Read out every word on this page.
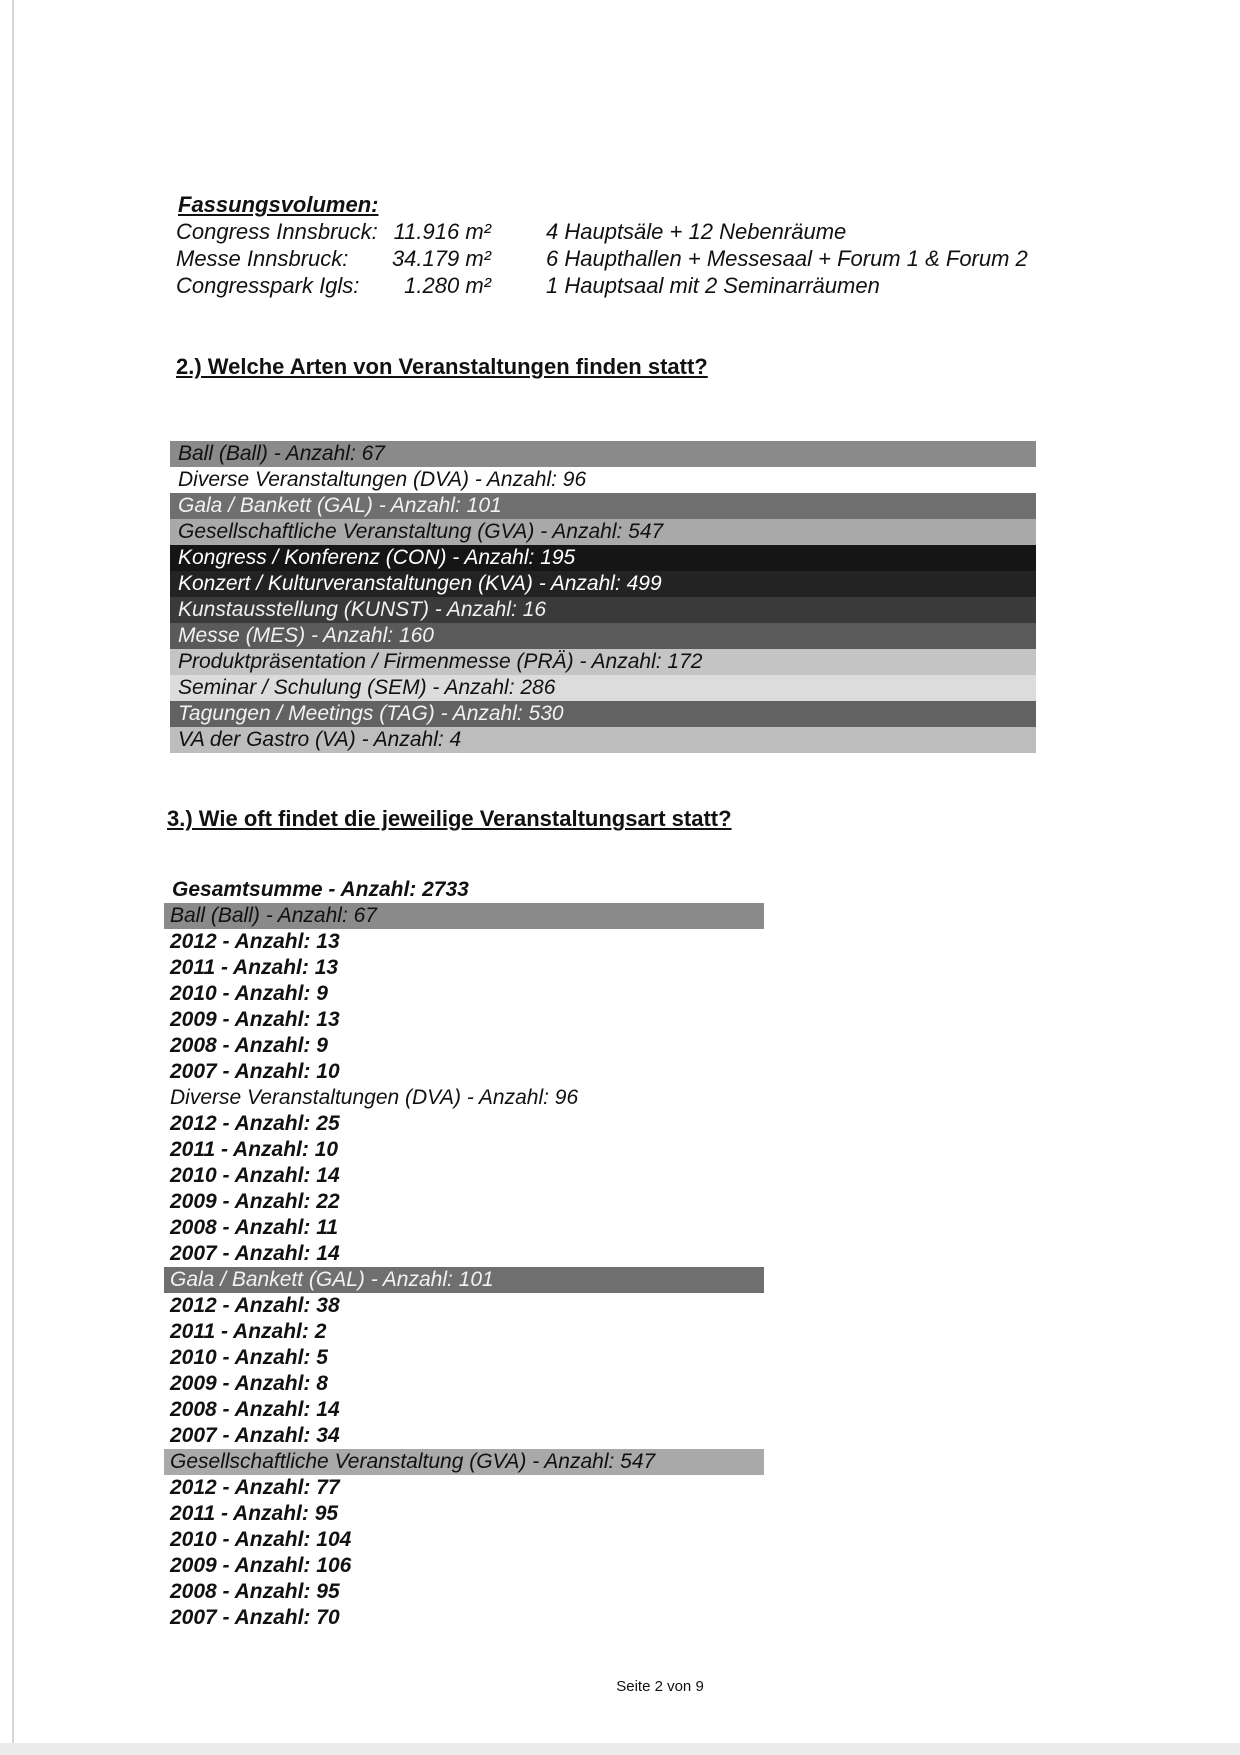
Fassungsvolumen:
Congress Innsbruck: 11.916 m²	4 Hauptsäle + 12 Nebenräume
Messe Innsbruck:	34.179 m²	6 Haupthallen + Messesaal + Forum 1 & Forum 2
Congresspark Igls:	1.280 m²	1 Hauptsaal mit 2 Seminarräumen
2.) Welche Arten von Veranstaltungen finden statt?
Ball (Ball) - Anzahl: 67
Diverse Veranstaltungen (DVA) - Anzahl: 96
Gala / Bankett (GAL) - Anzahl: 101
Gesellschaftliche Veranstaltung (GVA) - Anzahl: 547
Kongress / Konferenz (CON) - Anzahl: 195
Konzert / Kulturveranstaltungen (KVA) - Anzahl: 499
Kunstausstellung (KUNST) - Anzahl: 16
Messe (MES) - Anzahl: 160
Produktpräsentation / Firmenmesse (PRÄ) - Anzahl: 172
Seminar / Schulung (SEM) - Anzahl: 286
Tagungen / Meetings (TAG) - Anzahl: 530
VA der Gastro (VA) - Anzahl: 4
3.) Wie oft findet die jeweilige Veranstaltungsart statt?
Gesamtsumme - Anzahl: 2733
Ball (Ball) - Anzahl: 67
2012 - Anzahl: 13
2011 - Anzahl: 13
2010 - Anzahl: 9
2009 - Anzahl: 13
2008 - Anzahl: 9
2007 - Anzahl: 10
Diverse Veranstaltungen (DVA) - Anzahl: 96
2012 - Anzahl: 25
2011 - Anzahl: 10
2010 - Anzahl: 14
2009 - Anzahl: 22
2008 - Anzahl: 11
2007 - Anzahl: 14
Gala / Bankett (GAL) - Anzahl: 101
2012 - Anzahl: 38
2011 - Anzahl: 2
2010 - Anzahl: 5
2009 - Anzahl: 8
2008 - Anzahl: 14
2007 - Anzahl: 34
Gesellschaftliche Veranstaltung (GVA) - Anzahl: 547
2012 - Anzahl: 77
2011 - Anzahl: 95
2010 - Anzahl: 104
2009 - Anzahl: 106
2008 - Anzahl: 95
2007 - Anzahl: 70
Seite 2 von 9
